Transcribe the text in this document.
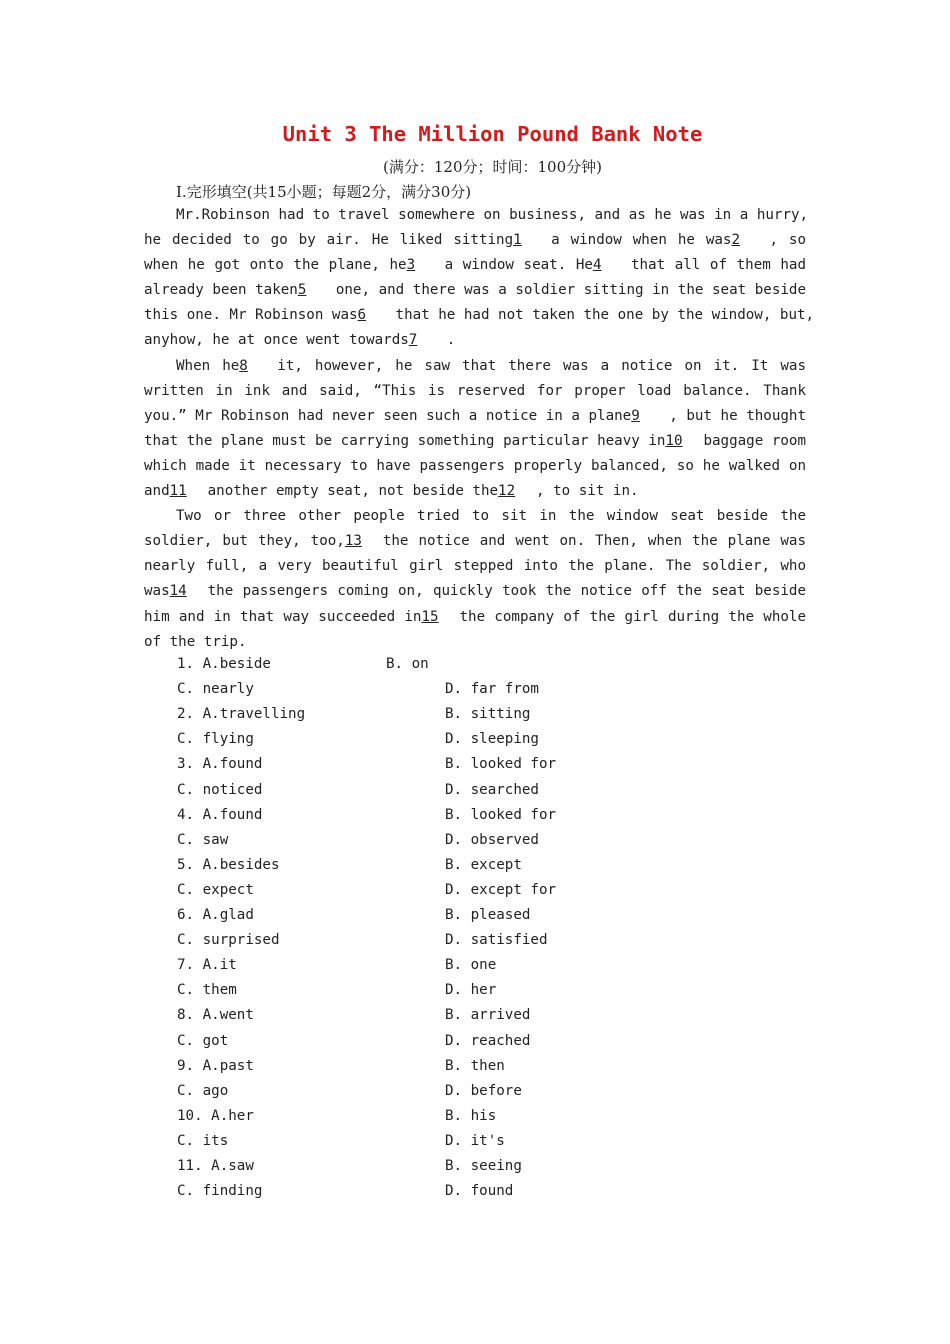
Unit 3 The Million Pound Bank Note
(满分：120分；时间：100分钟)
Ⅰ.完形填空(共15小题；每题2分，满分30分)
Mr.Robinson had to travel somewhere on business, and as he was in a hurry,
he decided to go by air. He liked sitting1 a window when he was2 , so
when he got onto the plane, he3 a window seat. He4 that all of them had
already been taken5 one, and there was a soldier sitting in the seat beside
this one. Mr Robinson was6 that he had not taken the one by the window, but,
anyhow, he at once went towards7 .
When he8 it, however, he saw that there was a notice on it. It was
written in ink and said, “This is reserved for proper load balance. Thank
you.” Mr Robinson had never seen such a notice in a plane9 , but he thought
that the plane must be carrying something particular heavy in10 baggage room
which made it necessary to have passengers properly balanced, so he walked on
and11 another empty seat, not beside the12 , to sit in.
Two or three other people tried to sit in the window seat beside the
soldier, but they, too,13 the notice and went on. Then, when the plane was
nearly full, a very beautiful girl stepped into the plane. The soldier, who
was14 the passengers coming on, quickly took the notice off the seat beside
him and in that way succeeded in15 the company of the girl during the whole
of the trip.
1. A.beside	B. on
C. nearly	D. far from
2. A.travelling	B. sitting
C. flying	D. sleeping
3. A.found	B. looked for
C. noticed	D. searched
4. A.found	B. looked for
C. saw	D. observed
5. A.besides	B. except
C. expect	D. except for
6. A.glad	B. pleased
C. surprised	D. satisfied
7. A.it	B. one
C. them	D. her
8. A.went	B. arrived
C. got	D. reached
9. A.past	B. then
C. ago	D. before
10. A.her	B. his
C. its	D. it's
11. A.saw	B. seeing
C. finding	D. found
